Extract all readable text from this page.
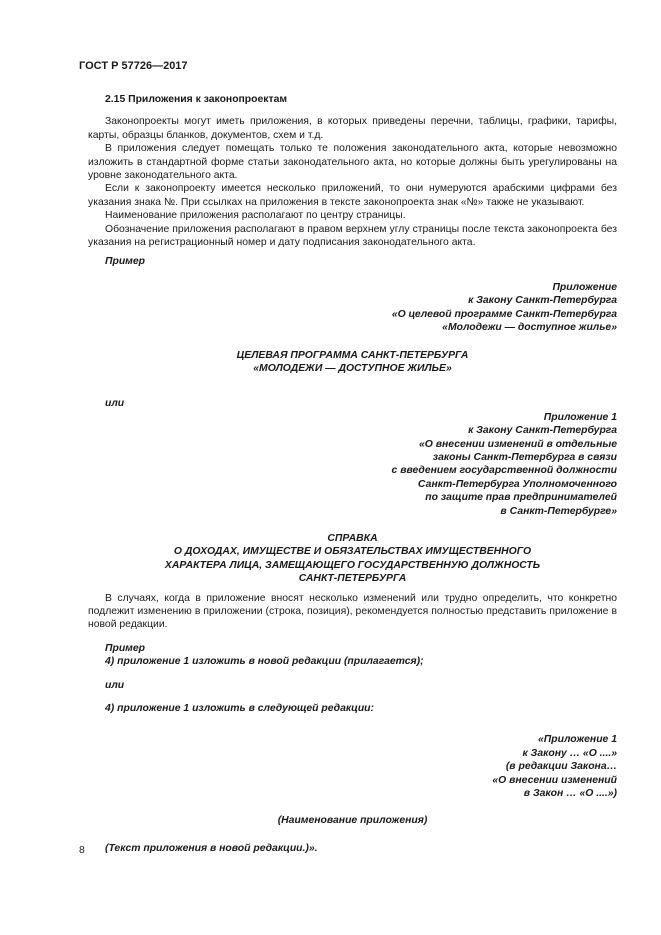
ГОСТ Р 57726—2017
2.15 Приложения к законопроектам

Законопроекты могут иметь приложения, в которых приведены перечни, таблицы, графики, тарифы, карты, образцы бланков, документов, схем и т.д.

В приложения следует помещать только те положения законодательного акта, которые невозможно изложить в стандартной форме статьи законодательного акта, но которые должны быть урегулированы на уровне законодательного акта.

Если к законопроекту имеется несколько приложений, то они нумеруются арабскими цифрами без указания знака №. При ссылках на приложения в тексте законопроекта знак «№» также не указывают.

Наименование приложения располагают по центру страницы.

Обозначение приложения располагают в правом верхнем углу страницы после текста законопроекта без указания на регистрационный номер и дату подписания законодательного акта.

Пример
Приложение
к Закону Санкт-Петербурга
«О целевой программе Санкт-Петербурга
«Молодежи — доступное жилье»
ЦЕЛЕВАЯ ПРОГРАММА САНКТ-ПЕТЕРБУРГА
«МОЛОДЕЖИ — ДОСТУПНОЕ ЖИЛЬЕ»
или
Приложение 1
к Закону Санкт-Петербурга
«О внесении изменений в отдельные
законы Санкт-Петербурга в связи
с введением государственной должности
Санкт-Петербурга Уполномоченного
по защите прав предпринимателей
в Санкт-Петербурге»
СПРАВКА
О ДОХОДАХ, ИМУЩЕСТВЕ И ОБЯЗАТЕЛЬСТВАХ ИМУЩЕСТВЕННОГО
ХАРАКТЕРА ЛИЦА, ЗАМЕЩАЮЩЕГО ГОСУДАРСТВЕННУЮ ДОЛЖНОСТЬ
САНКТ-ПЕТЕРБУРГА

В случаях, когда в приложение вносят несколько изменений или трудно определить, что конкретно подлежит изменению в приложении (строка, позиция), рекомендуется полностью представить приложение в новой редакции.

Пример
4) приложение 1 изложить в новой редакции (прилагается);
или
4) приложение 1 изложить в следующей редакции:
«Приложение 1
к Закону … «О ....»
(в редакции Закона…
«О внесении изменений
в Закон … «О ....»)
(Наименование приложения)
(Текст приложения в новой редакции.)».
8
